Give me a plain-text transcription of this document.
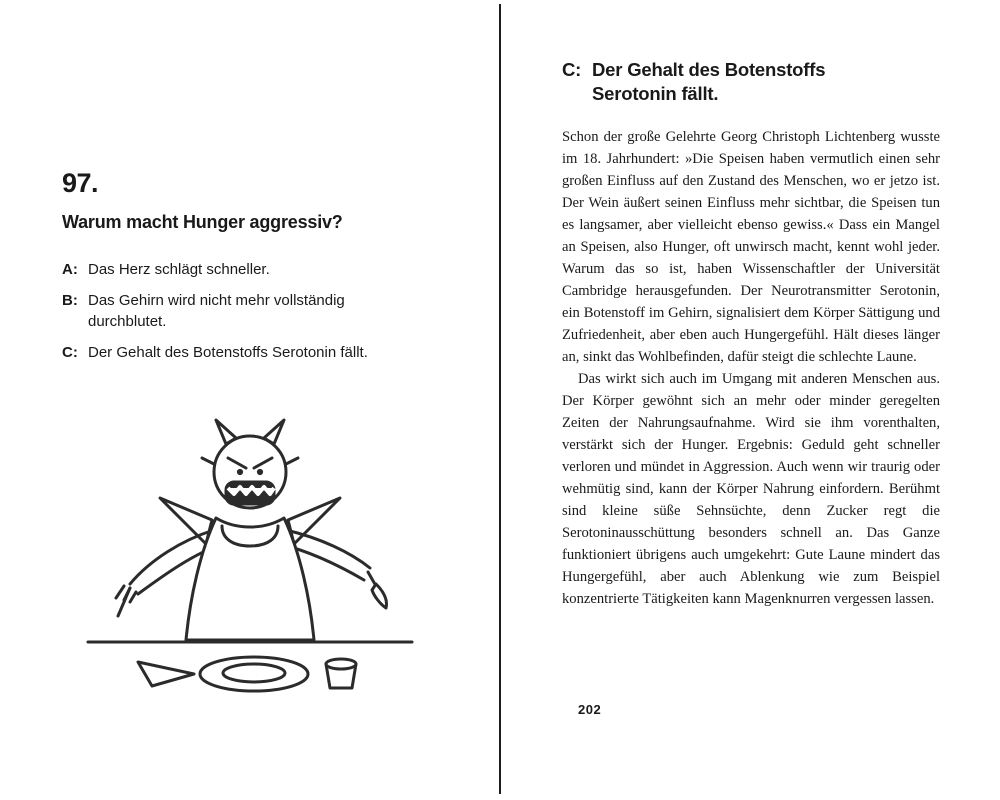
97.
Warum macht Hunger aggressiv?
A: Das Herz schlägt schneller.
B: Das Gehirn wird nicht mehr vollständig durchblutet.
C: Der Gehalt des Botenstoffs Serotonin fällt.
C: Der Gehalt des Botenstoffs Serotonin fällt.

Schon der große Gelehrte Georg Christoph Lichtenberg wusste im 18. Jahrhundert: »Die Speisen haben vermutlich einen sehr großen Einfluss auf den Zustand des Menschen, wo er jetzo ist. Der Wein äußert seinen Einfluss mehr sichtbar, die Speisen tun es langsamer, aber vielleicht ebenso gewiss.« Dass ein Mangel an Speisen, also Hunger, oft unwirsch macht, kennt wohl jeder. Warum das so ist, haben Wissenschaftler der Universität Cambridge herausgefunden. Der Neurotransmitter Serotonin, ein Botenstoff im Gehirn, signalisiert dem Körper Sättigung und Zufriedenheit, aber eben auch Hungergefühl. Hält dieses länger an, sinkt das Wohlbefinden, dafür steigt die schlechte Laune.

Das wirkt sich auch im Umgang mit anderen Menschen aus. Der Körper gewöhnt sich an mehr oder minder geregelten Zeiten der Nahrungsaufnahme. Wird sie ihm vorenthalten, verstärkt sich der Hunger. Ergebnis: Geduld geht schneller verloren und mündet in Aggression. Auch wenn wir traurig oder wehmütig sind, kann der Körper Nahrung einfordern. Berühmt sind kleine süße Sehnsüchte, denn Zucker regt die Serotoninausschüttung besonders schnell an. Das Ganze funktioniert übrigens auch umgekehrt: Gute Laune mindert das Hungergefühl, aber auch Ablenkung wie zum Beispiel konzentrierte Tätigkeiten kann Magenknurren vergessen lassen.

202
